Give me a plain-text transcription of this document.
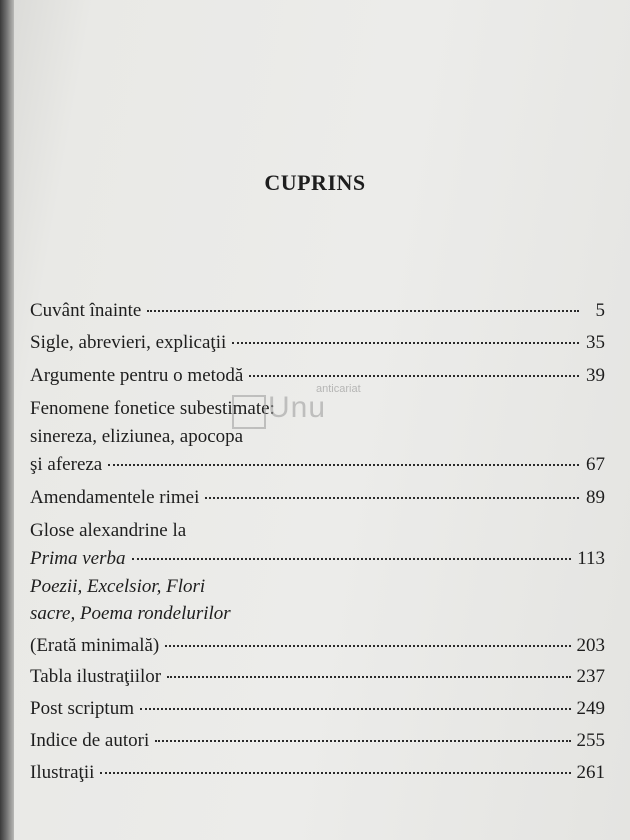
CUPRINS
Cuvânt înainte	5
Sigle, abrevieri, explicaţii	35
Argumente pentru o metodă	39
Fenomene fonetice subestimate:
sinereza, eliziunea, apocopa
şi afereza	67
Amendamentele rimei	89
Glose alexandrine la
Prima verba	113
Poezii, Excelsior, Flori
sacre, Poema rondelurilor
(Erată minimală)	203
Tabla ilustraţiilor	237
Post scriptum	249
Indice de autori	255
Ilustraţii	261
anticariat
Unu
